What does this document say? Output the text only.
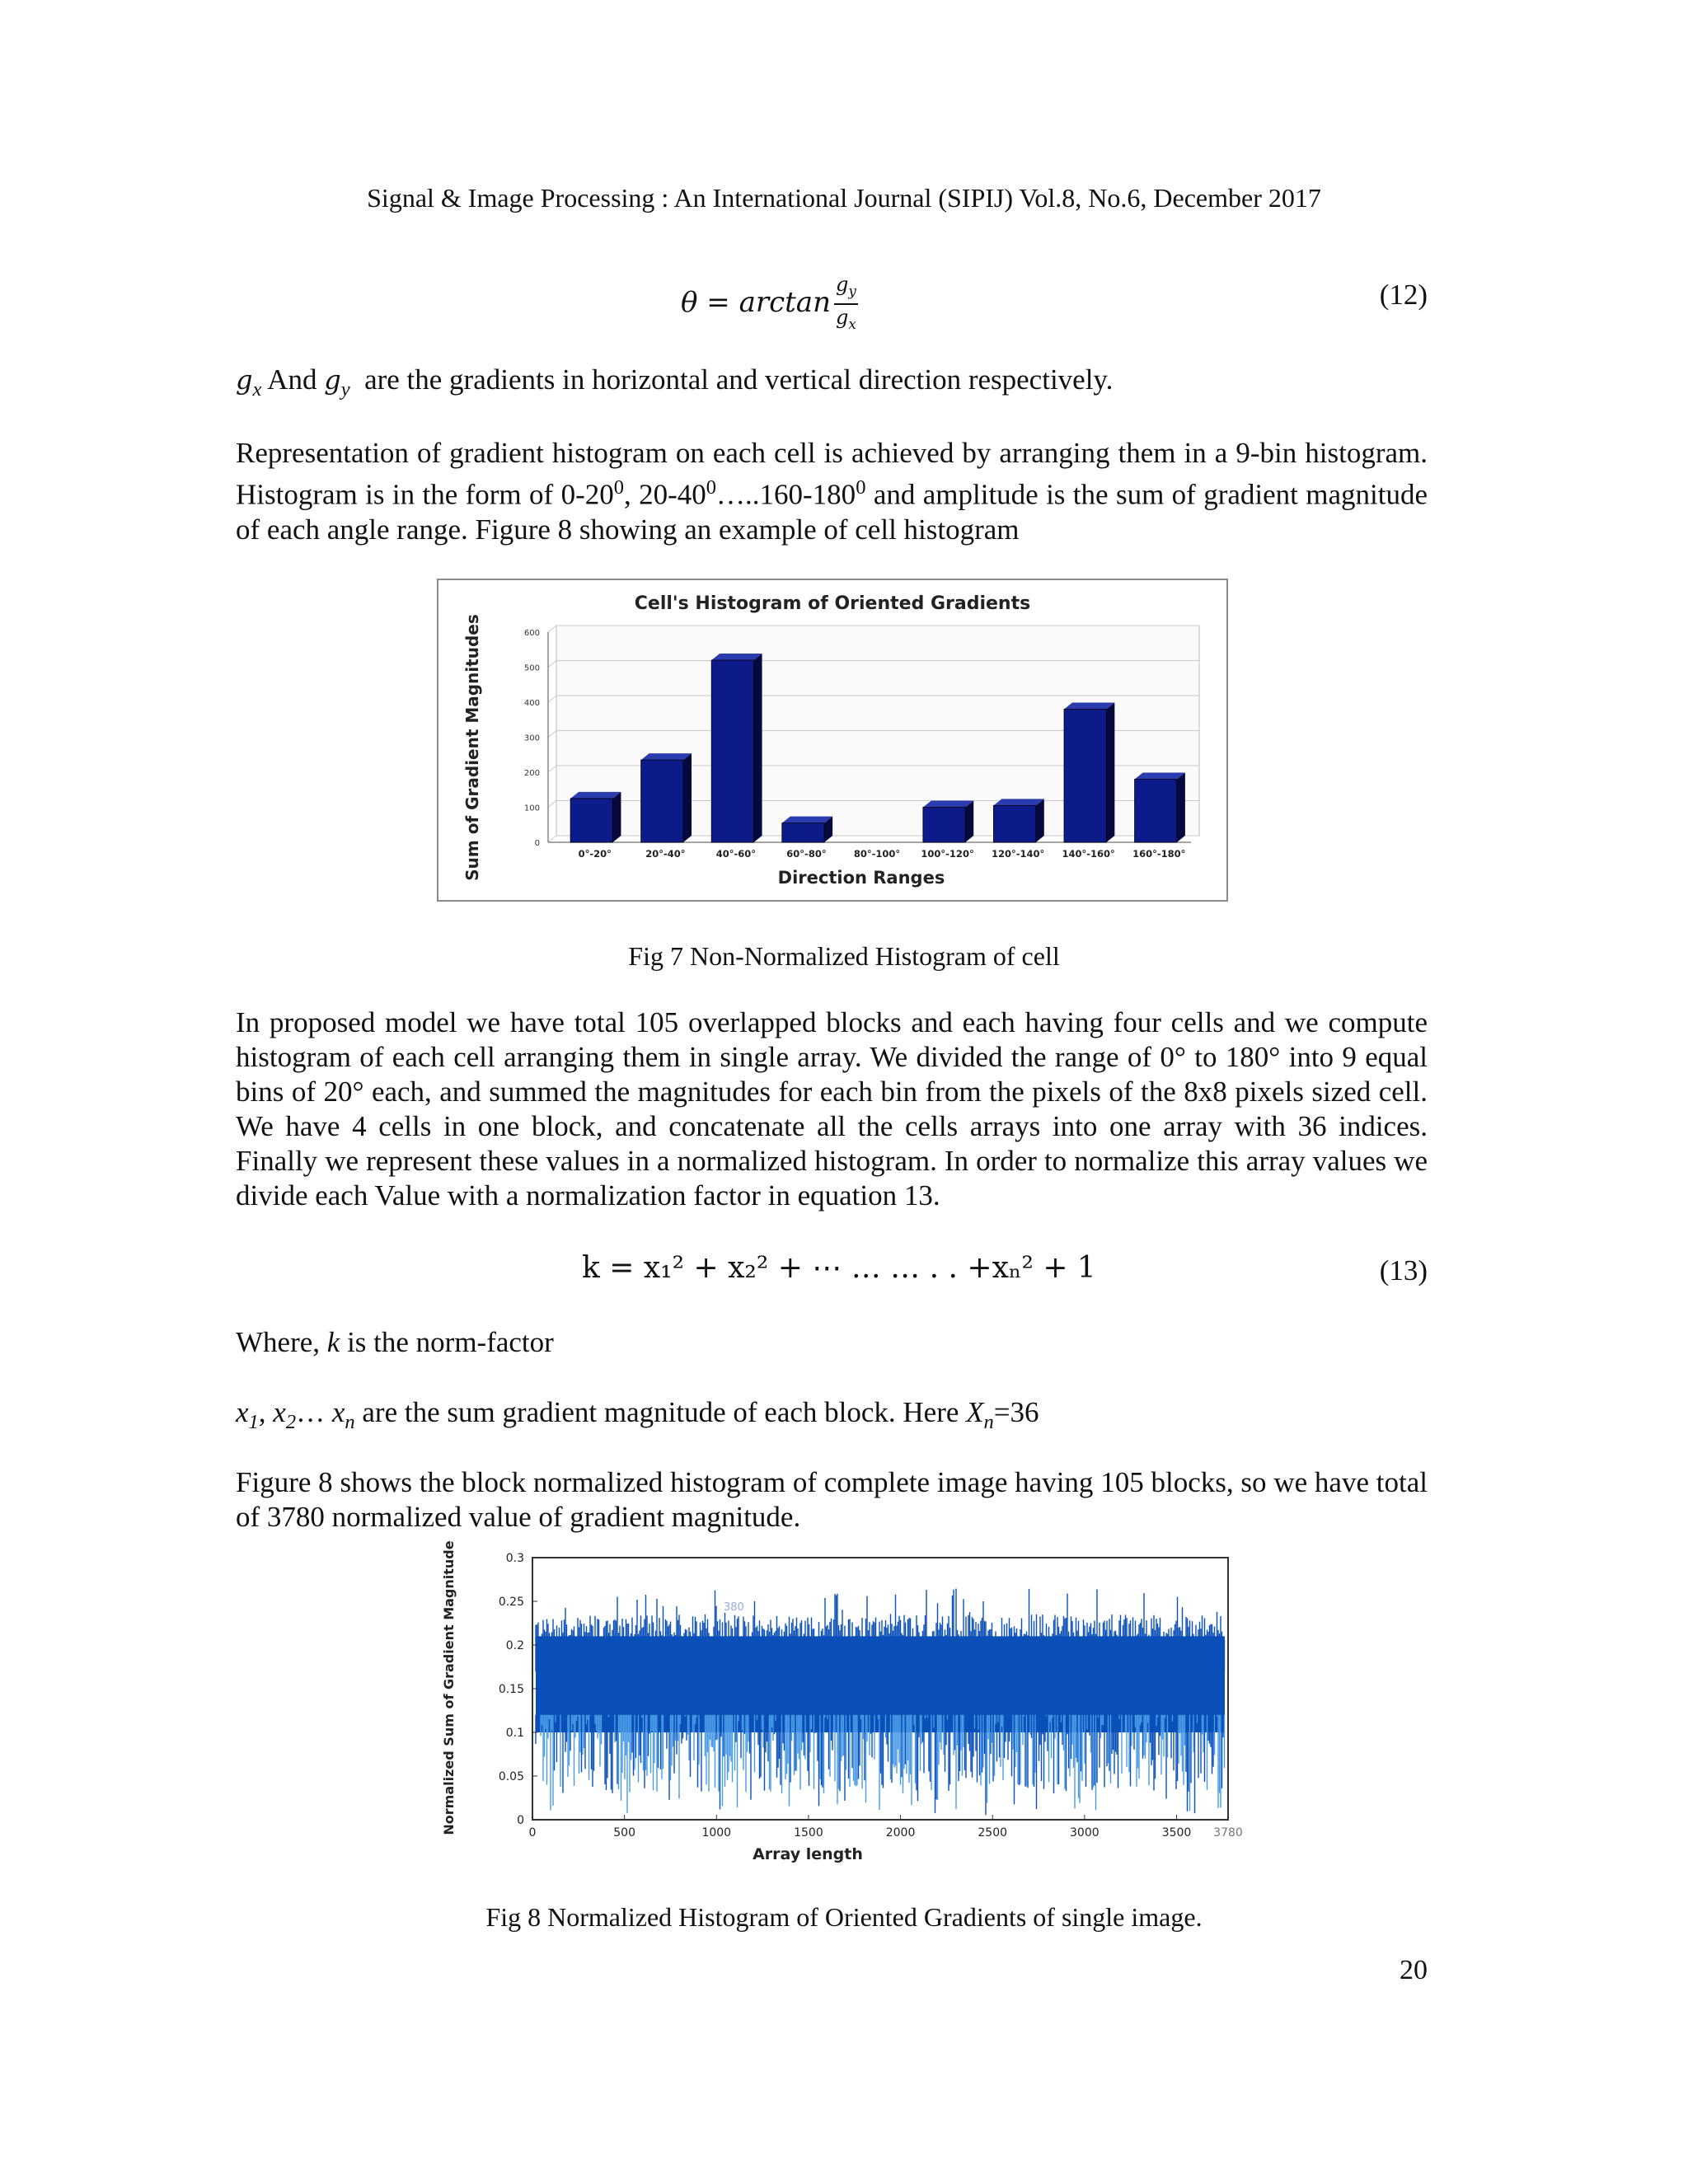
Signal & Image Processing : An International Journal (SIPIJ) Vol.8, No.6, December 2017
$\theta = \arctan \frac{g_y}{g_x}$	(12)
$g_x$ And $g_y$ are the gradients in horizontal and vertical direction respectively.
Representation of gradient histogram on each cell is achieved by arranging them in a 9-bin histogram. Histogram is in the form of $0-20^0$, $20-40^0\dots..160-180^0$ and amplitude is the sum of gradient magnitude of each angle range. Figure 8 showing an example of cell histogram
Cell's Histogram of Oriented Gradients
0
100
200
300
400
500
600
0°-20°	20°-40°	40°-60°	60°-80°	80°-100° 100°-120° 120°-140° 140°-160° 160°-180°
Direction Ranges
Sum of Gradient Magnitudes
Fig 7 Non-Normalized Histogram of cell
In proposed model we have total 105 overlapped blocks and each having four cells and we compute histogram of each cell arranging them in single array. We divided the range of 0° to 180° into 9 equal bins of 20° each, and summed the magnitudes for each bin from the pixels of the 8x8 pixels sized cell. We have 4 cells in one block, and concatenate all the cells arrays into one array with 36 indices. Finally we represent these values in a normalized histogram. In order to normalize this array values we divide each Value with a normalization factor in equation 13.
k = x₁² + x₂² + ⋯ … … . . +xₙ² + 1	(13)
Where, k is the norm-factor
$x_1$, $x_2\dots$ $x_n$ are the sum gradient magnitude of each block. Here $X_n=36$
Figure 8 shows the block normalized histogram of complete image having 105 blocks, so we have total of 3780 normalized value of gradient magnitude.
0
0.05
0.1
0.15
0.2
0.25
0.3
0	500	1000	1500	2000	2500	3000	3500 3780
380
Array length
Normalized Sum of Gradient Magnitude
Fig 8 Normalized Histogram of Oriented Gradients of single image.
20
